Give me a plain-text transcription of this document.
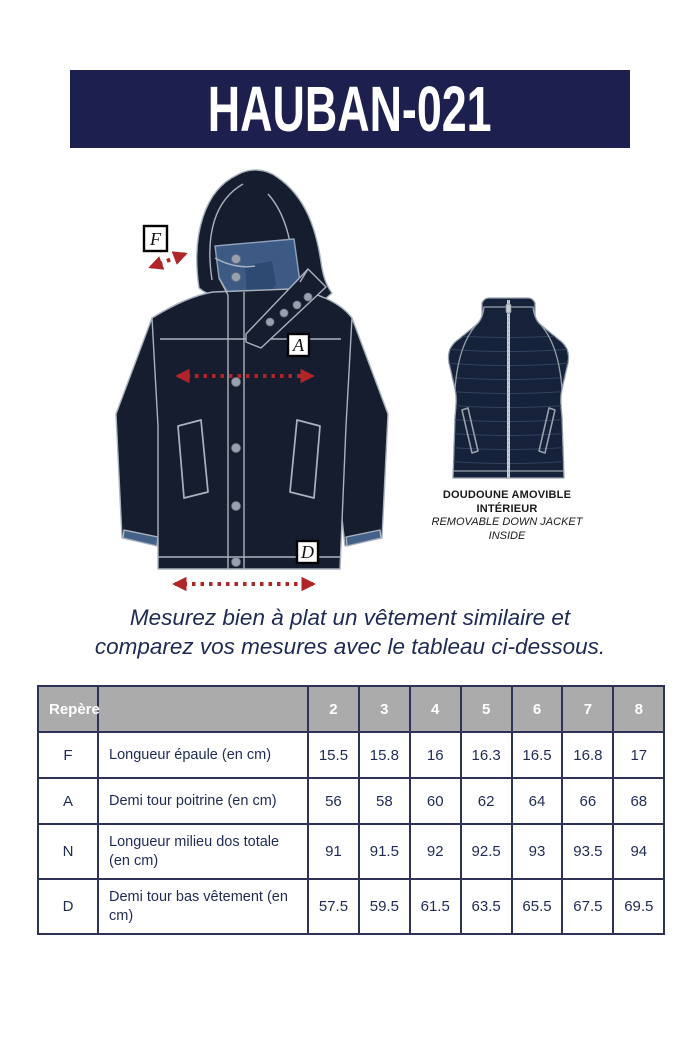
HAUBAN-021
F
A
D
DOUDOUNE AMOVIBLE
INTÉRIEUR
REMOVABLE DOWN JACKET
INSIDE
Mesurez bien à plat un vêtement similaire et
comparez vos mesures avec le tableau ci-dessous.
Repère		2	3	4	5	6	7	8
F	Longueur épaule (en cm)	15.5	15.8	16	16.3	16.5	16.8	17
A	Demi tour poitrine (en cm)	56	58	60	62	64	66	68
N	Longueur milieu dos totale (en cm)	91	91.5	92	92.5	93	93.5	94
D	Demi tour bas vêtement (en cm)	57.5	59.5	61.5	63.5	65.5	67.5	69.5
